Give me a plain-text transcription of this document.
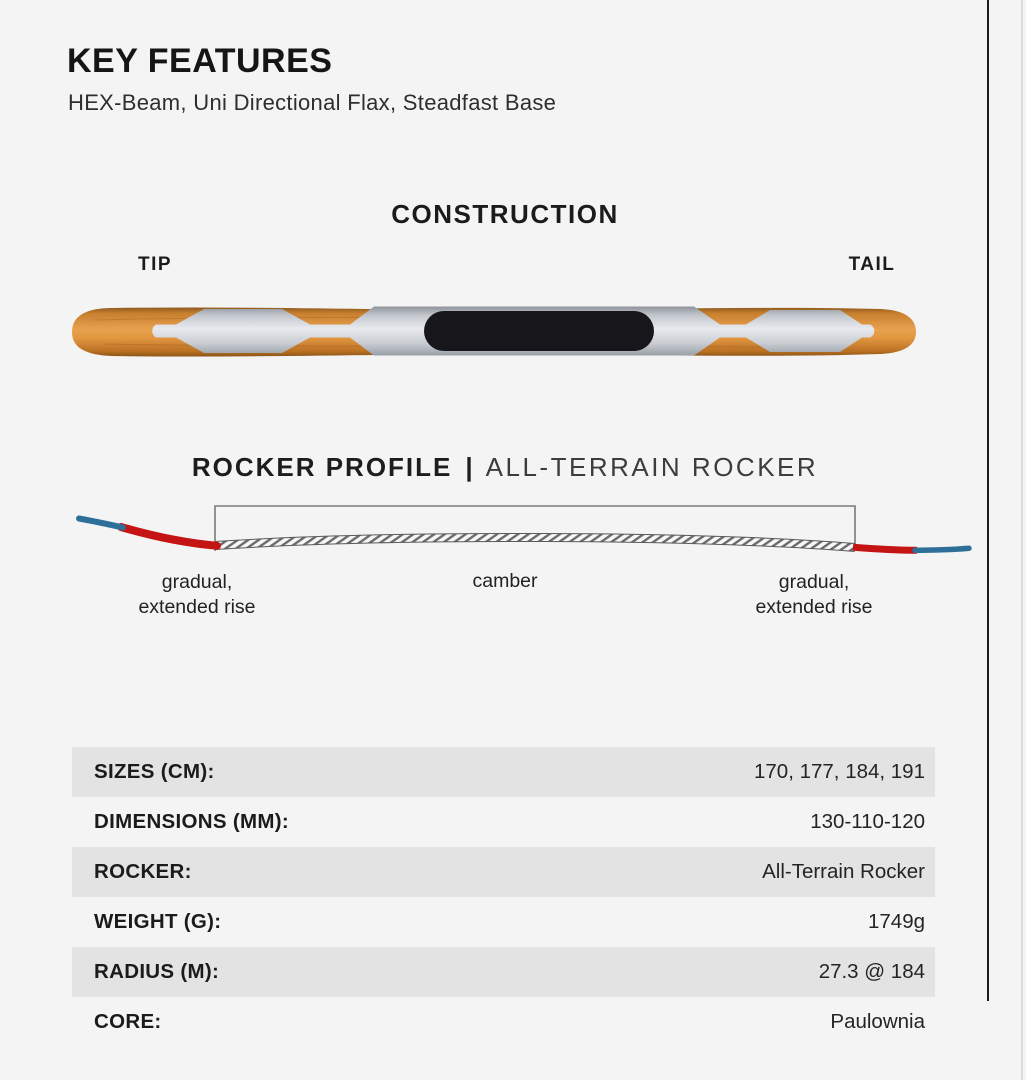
KEY FEATURES
HEX-Beam, Uni Directional Flax, Steadfast Base
CONSTRUCTION
TIP	TAIL
ROCKER PROFILE | ALL-TERRAIN ROCKER
gradual,
extended rise
camber	gradual,
extended rise
SIZES (CM):	170, 177, 184, 191
DIMENSIONS (MM):	130-110-120
ROCKER:	All-Terrain Rocker
WEIGHT (G):	1749g
RADIUS (M):	27.3 @ 184
CORE:	Paulownia
